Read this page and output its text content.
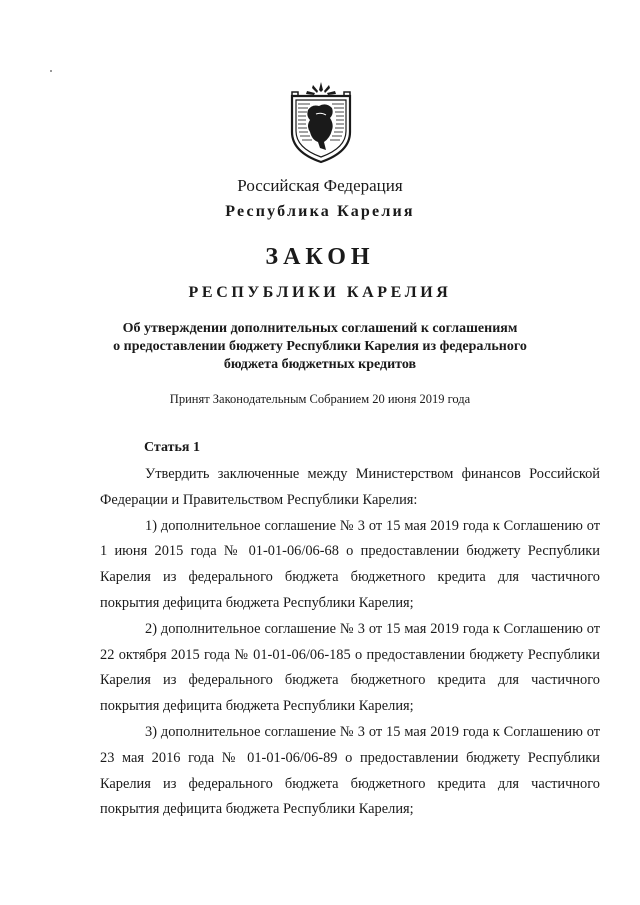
Российская Федерация
Республика Карелия
ЗАКОН
РЕСПУБЛИКИ КАРЕЛИЯ
Об утверждении дополнительных соглашений к соглашениям
о предоставлении бюджету Республики Карелия из федерального
бюджета бюджетных кредитов
Принят Законодательным Собранием 20 июня 2019 года
Статья 1

Утвердить заключенные между Министерством финансов Российской Федерации и Правительством Республики Карелия:

1) дополнительное соглашение № 3 от 15 мая 2019 года к Соглашению от 1 июня 2015 года № 01-01-06/06-68 о предоставлении бюджету Республики Карелия из федерального бюджета бюджетного кредита для частичного покрытия дефицита бюджета Республики Карелия;

2) дополнительное соглашение № 3 от 15 мая 2019 года к Соглашению от 22 октября 2015 года № 01-01-06/06-185 о предоставлении бюджету Республики Карелия из федерального бюджета бюджетного кредита для частичного покрытия дефицита бюджета Республики Карелия;

3) дополнительное соглашение № 3 от 15 мая 2019 года к Соглашению от 23 мая 2016 года № 01-01-06/06-89 о предоставлении бюджету Республики Карелия из федерального бюджета бюджетного кредита для частичного покрытия дефицита бюджета Республики Карелия;
